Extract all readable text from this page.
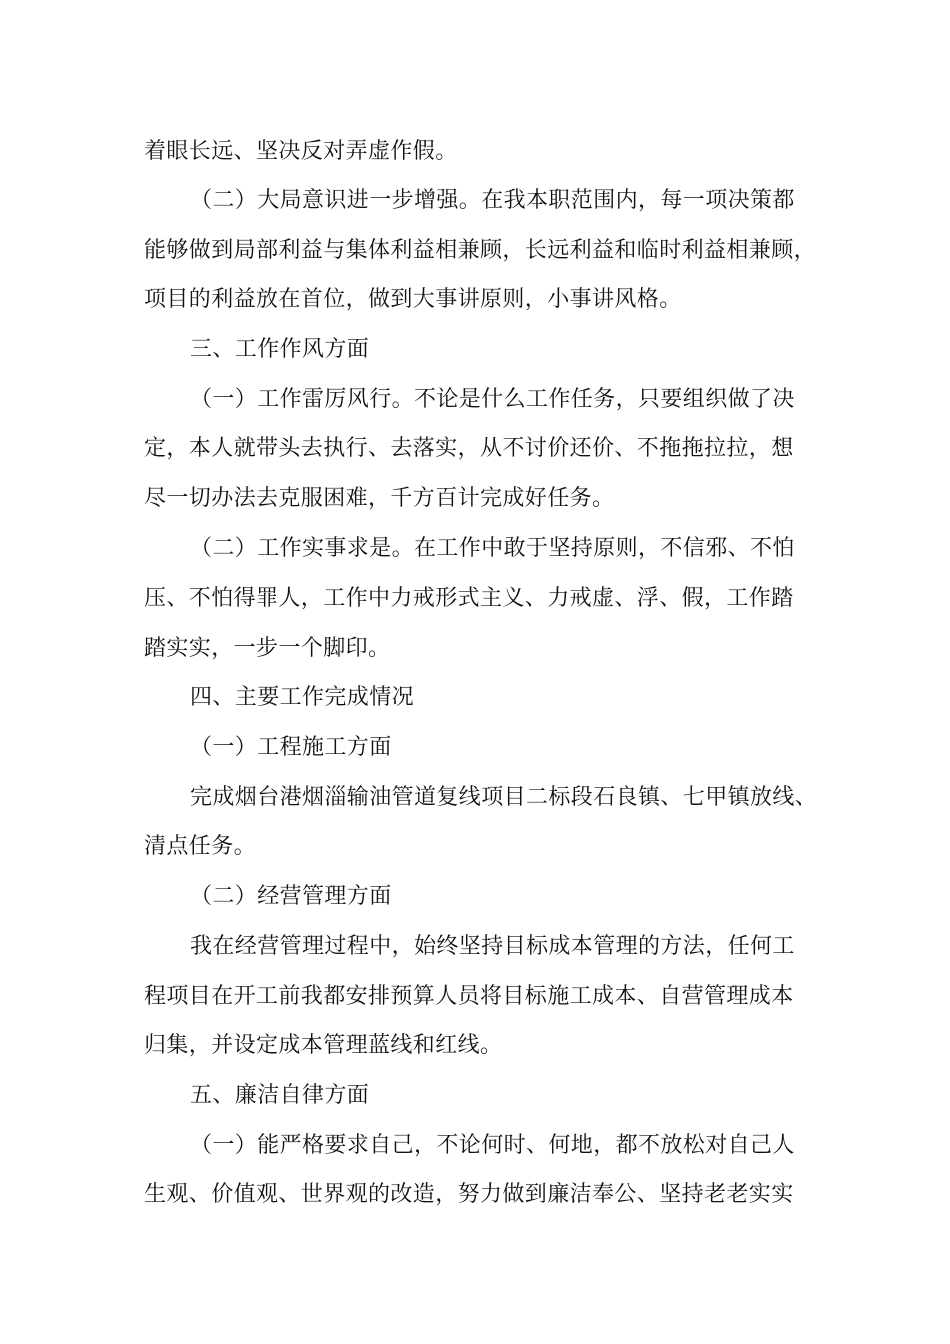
着眼长远、坚决反对弄虚作假。
（二）大局意识进一步增强。在我本职范围内，每一项决策都
能够做到局部利益与集体利益相兼顾，长远利益和临时利益相兼顾，
项目的利益放在首位，做到大事讲原则，小事讲风格。
三、工作作风方面
（一）工作雷厉风行。不论是什么工作任务，只要组织做了决
定，本人就带头去执行、去落实，从不讨价还价、不拖拖拉拉，想
尽一切办法去克服困难，千方百计完成好任务。
（二）工作实事求是。在工作中敢于坚持原则，不信邪、不怕
压、不怕得罪人，工作中力戒形式主义、力戒虚、浮、假，工作踏
踏实实，一步一个脚印。
四、主要工作完成情况
（一）工程施工方面
完成烟台港烟淄输油管道复线项目二标段石良镇、七甲镇放线、
清点任务。
（二）经营管理方面
我在经营管理过程中，始终坚持目标成本管理的方法，任何工
程项目在开工前我都安排预算人员将目标施工成本、自营管理成本
归集，并设定成本管理蓝线和红线。
五、廉洁自律方面
（一）能严格要求自己，不论何时、何地，都不放松对自己人
生观、价值观、世界观的改造，努力做到廉洁奉公、坚持老老实实
